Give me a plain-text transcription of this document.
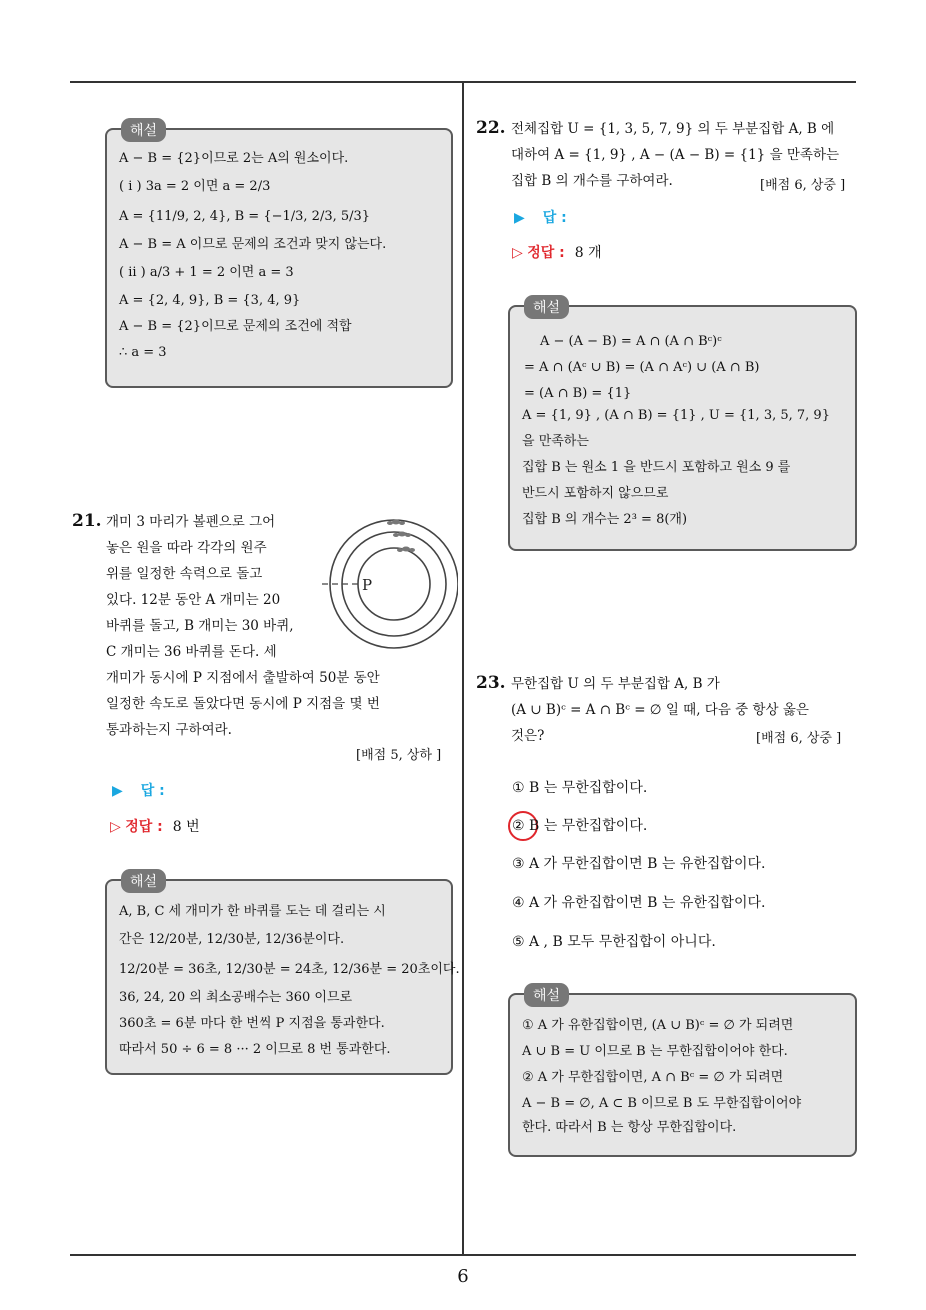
6
해설
A − B = {2}이므로 2는 A의 원소이다.
( i ) 3a = 2 이면 a = 2/3
A = {11/9, 2, 4}, B = {−1/3, 2/3, 5/3}
A − B = A 이므로 문제의 조건과 맞지 않는다.
( ii ) a/3 + 1 = 2 이면 a = 3
A = {2, 4, 9}, B = {3, 4, 9}
A − B = {2}이므로 문제의 조건에 적합
∴ a = 3
21. 개미 3 마리가 볼펜으로 그어
놓은 원을 따라 각각의 원주
위를 일정한 속력으로 돌고
있다. 12분 동안 A 개미는 20
바퀴를 돌고, B 개미는 30 바퀴,
C 개미는 36 바퀴를 돈다. 세
개미가 동시에 P 지점에서 출발하여 50분 동안
일정한 속도로 돌았다면 동시에 P 지점을 몇 번
통과하는지 구하여라.
P
[배점 5, 상하 ]
▶ 답 :
▷ 정답 : 8 번
해설
A, B, C 세 개미가 한 바퀴를 도는 데 걸리는 시
간은 12/20분, 12/30분, 12/36분이다.
12/20분 = 36초, 12/30분 = 24초, 12/36분 = 20초이다.
36, 24, 20 의 최소공배수는 360 이므로
360초 = 6분 마다 한 번씩 P 지점을 통과한다.
따라서 50 ÷ 6 = 8 ··· 2 이므로 8 번 통과한다.
22. 전체집합 U = {1, 3, 5, 7, 9} 의 두 부분집합 A, B 에
대하여 A = {1, 9} , A − (A − B) = {1} 을 만족하는
집합 B 의 개수를 구하여라.	[배점 6, 상중 ]
▶ 답 :
▷ 정답 : 8 개
해설
A − (A − B) = A ∩ (A ∩ Bᶜ)ᶜ
= A ∩ (Aᶜ ∪ B) = (A ∩ Aᶜ) ∪ (A ∩ B)
= (A ∩ B) = {1}
A = {1, 9} , (A ∩ B) = {1} , U = {1, 3, 5, 7, 9}
을 만족하는
집합 B 는 원소 1 을 반드시 포함하고 원소 9 를
반드시 포함하지 않으므로
집합 B 의 개수는 2³ = 8(개)
23. 무한집합 U 의 두 부분집합 A, B 가
(A ∪ B)ᶜ = A ∩ Bᶜ = ∅ 일 때, 다음 중 항상 옳은
것은?	[배점 6, 상중 ]
① B 는 무한집합이다.
② B 는 무한집합이다.
③ A 가 무한집합이면 B 는 유한집합이다.
④ A 가 유한집합이면 B 는 유한집합이다.
⑤ A , B 모두 무한집합이 아니다.
해설
① A 가 유한집합이면, (A ∪ B)ᶜ = ∅ 가 되려면
A ∪ B = U 이므로 B 는 무한집합이어야 한다.
② A 가 무한집합이면, A ∩ Bᶜ = ∅ 가 되려면
A − B = ∅, A ⊂ B 이므로 B 도 무한집합이어야
한다. 따라서 B 는 항상 무한집합이다.
